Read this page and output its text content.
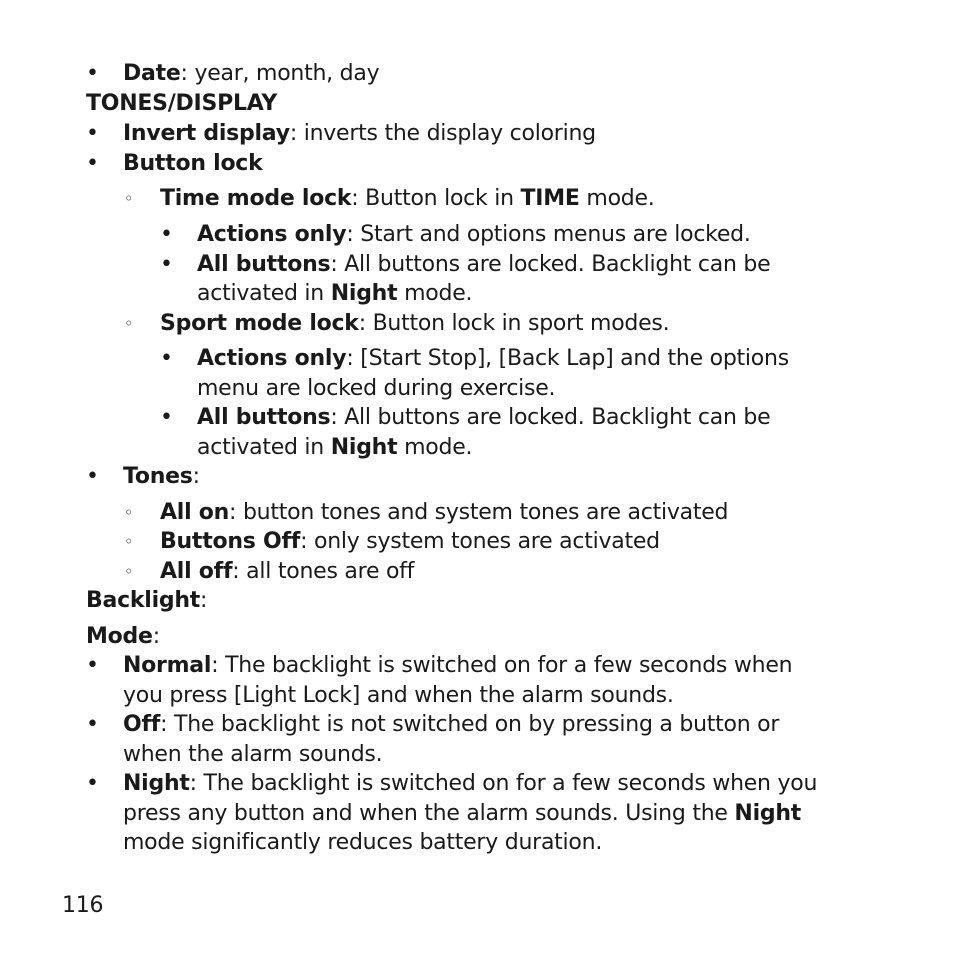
• Date: year, month, day
TONES/DISPLAY
• Invert display: inverts the display coloring
• Button lock
◦ Time mode lock: Button lock in TIME mode.
• Actions only: Start and options menus are locked.
• All buttons: All buttons are locked. Backlight can be
activated in Night mode.
◦ Sport mode lock: Button lock in sport modes.
• Actions only: [Start Stop], [Back Lap] and the options
menu are locked during exercise.
• All buttons: All buttons are locked. Backlight can be
activated in Night mode.
• Tones:
◦ All on: button tones and system tones are activated
◦ Buttons Off: only system tones are activated
◦ All off: all tones are off
Backlight:
Mode:
• Normal: The backlight is switched on for a few seconds when
you press [Light Lock] and when the alarm sounds.
• Off: The backlight is not switched on by pressing a button or
when the alarm sounds.
• Night: The backlight is switched on for a few seconds when you
press any button and when the alarm sounds. Using the Night
mode significantly reduces battery duration.
116
